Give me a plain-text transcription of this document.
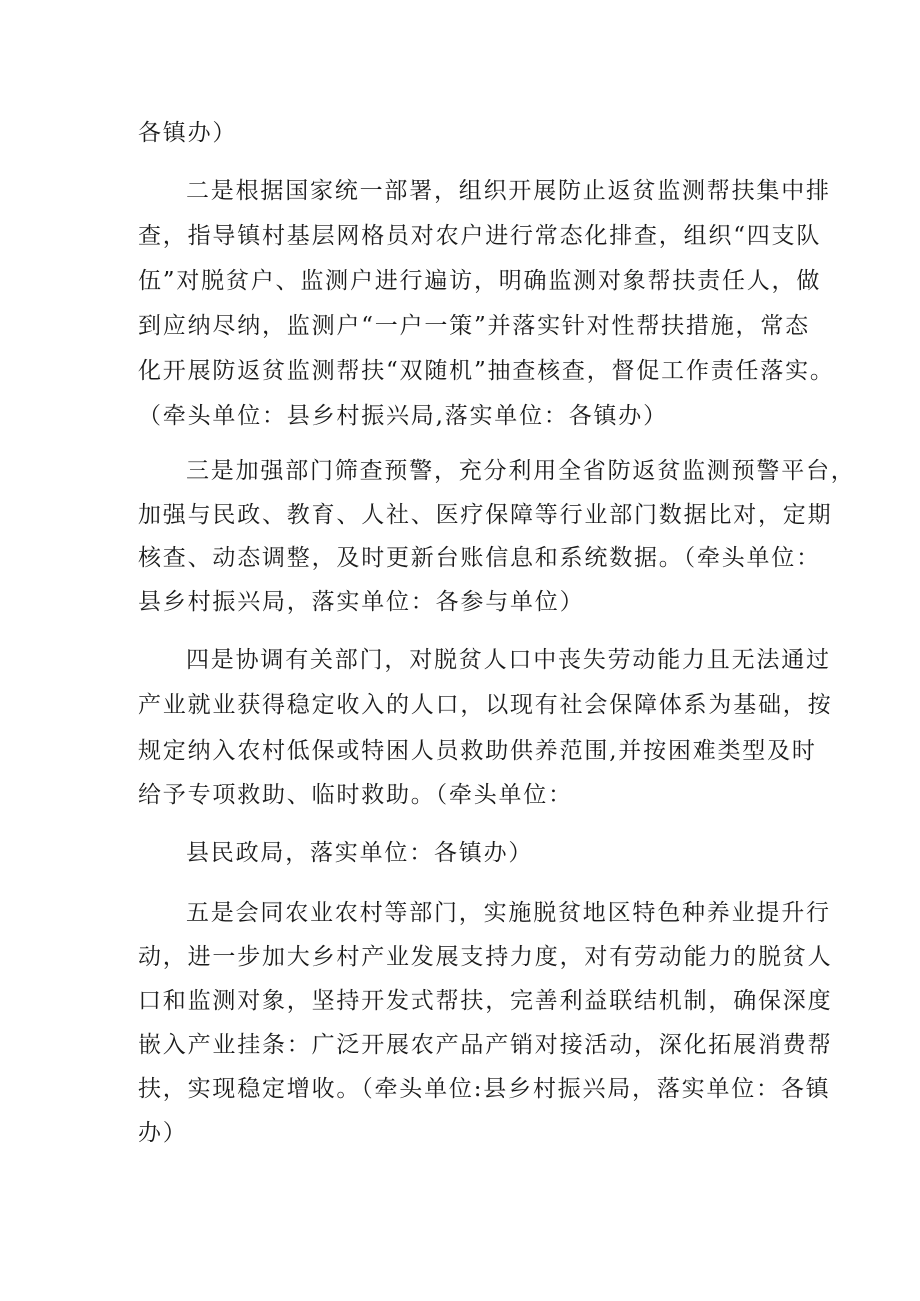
各镇办）
二是根据国家统一部署，组织开展防止返贫监测帮扶集中排
查，指导镇村基层网格员对农户进行常态化排查，组织“四支队
伍”对脱贫户、监测户进行遍访，明确监测对象帮扶责任人，做
到应纳尽纳，监测户“一户一策”并落实针对性帮扶措施，常态
化开展防返贫监测帮扶“双随机”抽查核查，督促工作责任落实。
（牵头单位：县乡村振兴局,落实单位：各镇办）
三是加强部门筛查预警，充分利用全省防返贫监测预警平台，
加强与民政、教育、人社、医疗保障等行业部门数据比对，定期
核查、动态调整，及时更新台账信息和系统数据。（牵头单位：
县乡村振兴局，落实单位：各参与单位）
四是协调有关部门，对脱贫人口中丧失劳动能力且无法通过
产业就业获得稳定收入的人口，以现有社会保障体系为基础，按
规定纳入农村低保或特困人员救助供养范围,并按困难类型及时
给予专项救助、临时救助。（牵头单位：
县民政局，落实单位：各镇办）
五是会同农业农村等部门，实施脱贫地区特色种养业提升行
动，进一步加大乡村产业发展支持力度，对有劳动能力的脱贫人
口和监测对象，坚持开发式帮扶，完善利益联结机制，确保深度
嵌入产业挂条：广泛开展农产品产销对接活动，深化拓展消费帮
扶，实现稳定增收。（牵头单位:县乡村振兴局，落实单位：各镇
办）
